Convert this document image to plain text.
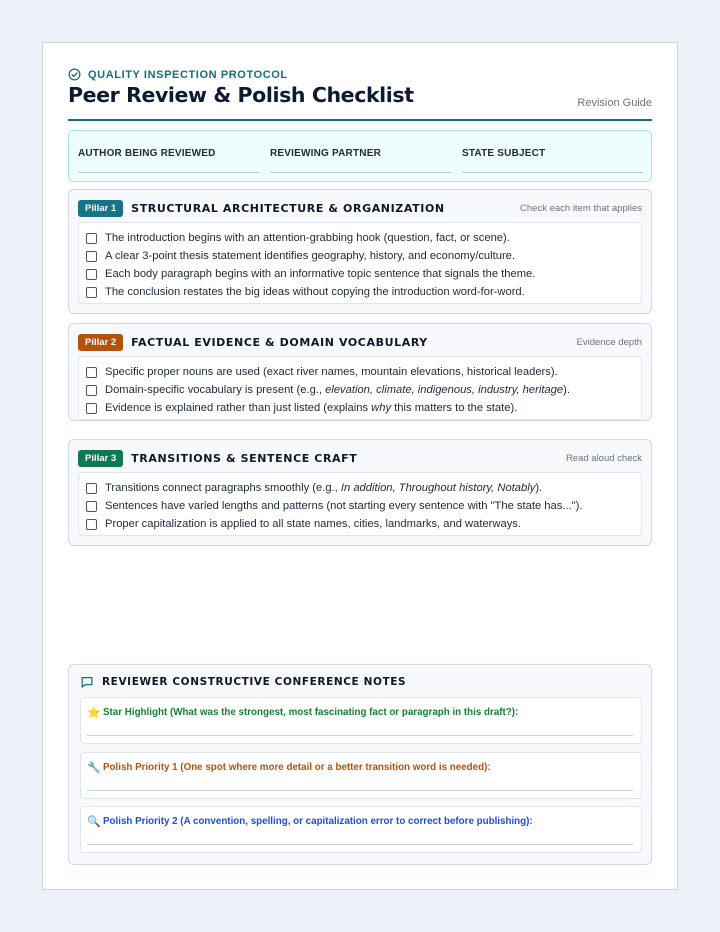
QUALITY INSPECTION PROTOCOL
Peer Review & Polish Checklist	Revision Guide
AUTHOR BEING REVIEWED	REVIEWING PARTNER	STATE SUBJECT
Pillar 1	STRUCTURAL ARCHITECTURE & ORGANIZATION	Check each item that applies
The introduction begins with an attention-grabbing hook (question, fact, or scene).
A clear 3-point thesis statement identifies geography, history, and economy/culture.
Each body paragraph begins with an informative topic sentence that signals the theme.
The conclusion restates the big ideas without copying the introduction word-for-word.
Pillar 2	FACTUAL EVIDENCE & DOMAIN VOCABULARY	Evidence depth
Specific proper nouns are used (exact river names, mountain elevations, historical leaders).
Domain-specific vocabulary is present (e.g., elevation, climate, indigenous, industry, heritage).
Evidence is explained rather than just listed (explains why this matters to the state).
Pillar 3	TRANSITIONS & SENTENCE CRAFT	Read aloud check
Transitions connect paragraphs smoothly (e.g., In addition, Throughout history, Notably).
Sentences have varied lengths and patterns (not starting every sentence with "The state has...").
Proper capitalization is applied to all state names, cities, landmarks, and waterways.
REVIEWER CONSTRUCTIVE CONFERENCE NOTES
⭐ Star Highlight (What was the strongest, most fascinating fact or paragraph in this draft?):
🔧 Polish Priority 1 (One spot where more detail or a better transition word is needed):
🔍 Polish Priority 2 (A convention, spelling, or capitalization error to correct before publishing):
